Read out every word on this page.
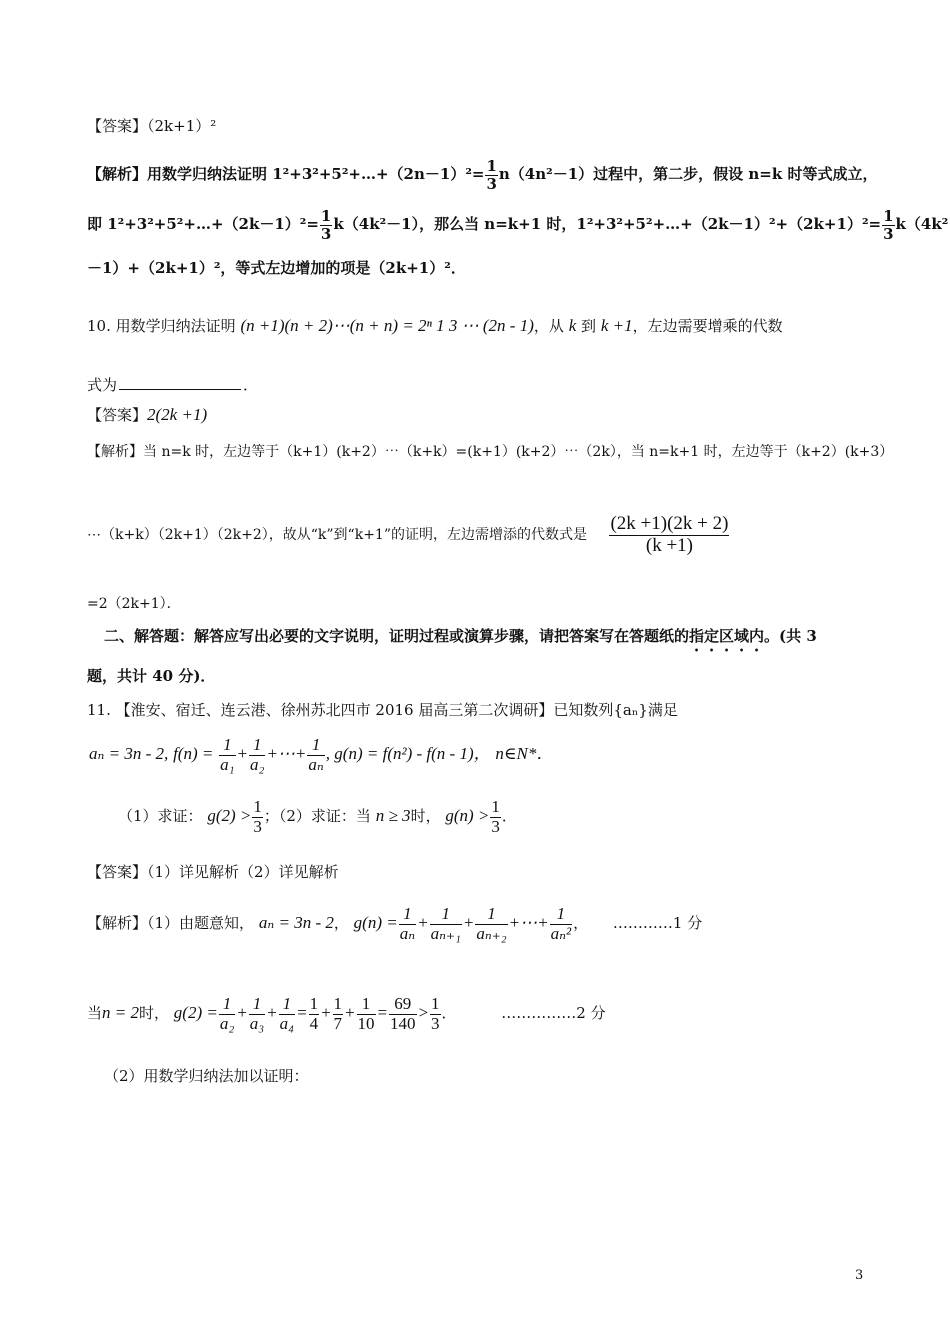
【答案】（2k+1）²
【解析】用数学归纳法证明 1²+3²+5²+…+（2n－1）²= $\frac{1}{3} n(4n^2-1)$过程中，第二步，假设 n=k 时等式成立，
即 1²+3²+5²+…+（2k－1）²= $\frac{1}{3} k(4k^2-1)$，那么当 n=k+1 时，1²+3²+5²+…+（2k－1）²+（2k+1）²= $\frac{1}{3} k(4k^2$
－1）+（2k+1）²，等式左边增加的项是（2k+1）²．
10. 用数学归纳法证明 (n +1)(n + 2)⋯(n + n) = 2ⁿ 1 3 ⋯ (2n - 1)，从 k 到 k +1，左边需要增乘的代数
式为	．
【答案】2(2k +1)
【解析】当 n=k 时，左边等于（k+1）(k+2）⋯（k+k）=(k+1）(k+2）⋯（2k），当 n=k+1 时，左边等于（k+2）(k+3）
⋯（k+k）（2k+1）（2k+2），故从“k”到“k+1”的证明，左边需增添的代数式是 $\frac{(2k +1)(2k + 2)}{(k +1)}$
=2（2k+1）．
二、解答题：解答应写出必要的文字说明，证明过程或演算步骤，请把答案写在答题纸的指定区域内。(共 3
题，共计 40 分)．
11. 【淮安、宿迁、连云港、徐州苏北四市 2016 届高三第二次调研】已知数列{aₙ}满足
aₙ = 3n - 2, $f(n) = \frac{1}{\text{a₁}} + \frac{1}{\text{a₂}}$ +⋯+ $\frac{1}{\text{aₙ}}$ , g(n) = f(n²) - f(n - 1)， n∈N*．
（1）求证： $g(2) > \frac{1}{3}$ ；（2）求证：当 n ≥ 3时， $g(n) > \frac{1}{3}$ ．
【答案】（1）详见解析（2）详见解析
【解析】（1）由题意知， aₙ = 3n - 2， $g(n) = \frac{1}{\text{aₙ}} + \frac{1}{\text{aₙ₊₁}} + \frac{1}{\text{aₙ₊₂}}$ +⋯+ $\frac{1}{\text{aₙ²}}$ ， …………1 分
当n = 2时， $g(2) = \frac{1}{\text{a₂}} + \frac{1}{\text{a₃}} + \frac{1}{\text{a₄}} = \frac{1}{4} + \frac{1}{7} + \frac{1}{10} = \frac{69}{140} > \frac{1}{3}$ ．	……………2 分
（2）用数学归纳法加以证明：
3
